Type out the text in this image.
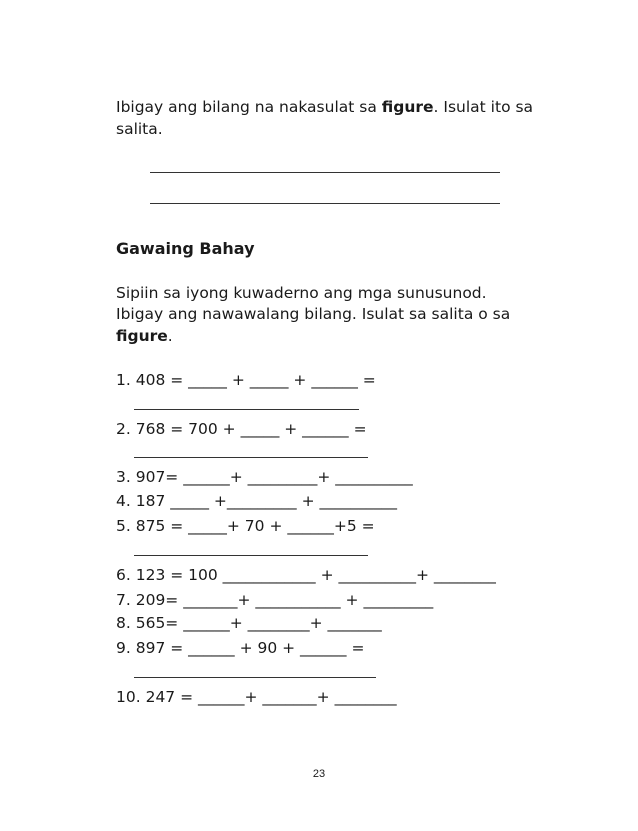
Ibigay ang bilang na nakasulat sa figure. Isulat ito sa

salita.

Gawaing Bahay

Sipiin sa iyong kuwaderno ang mga sunusunod.

Ibigay ang nawawalang bilang. Isulat sa salita o sa

figure.

1. 408 = _____ + _____ + ______ =

2. 768 = 700 + _____ + ______ =

3. 907= ______+ _________+ __________

4. 187 _____ +_________ + __________

5. 875 = _____+ 70 + ______+5 =

6. 123 = 100 ____________ + __________+ ________

7. 209= _______+ ___________ + _________

8. 565= ______+ ________+ _______

9. 897 = ______ + 90 + ______ =

10. 247 = ______+ _______+ ________

23
